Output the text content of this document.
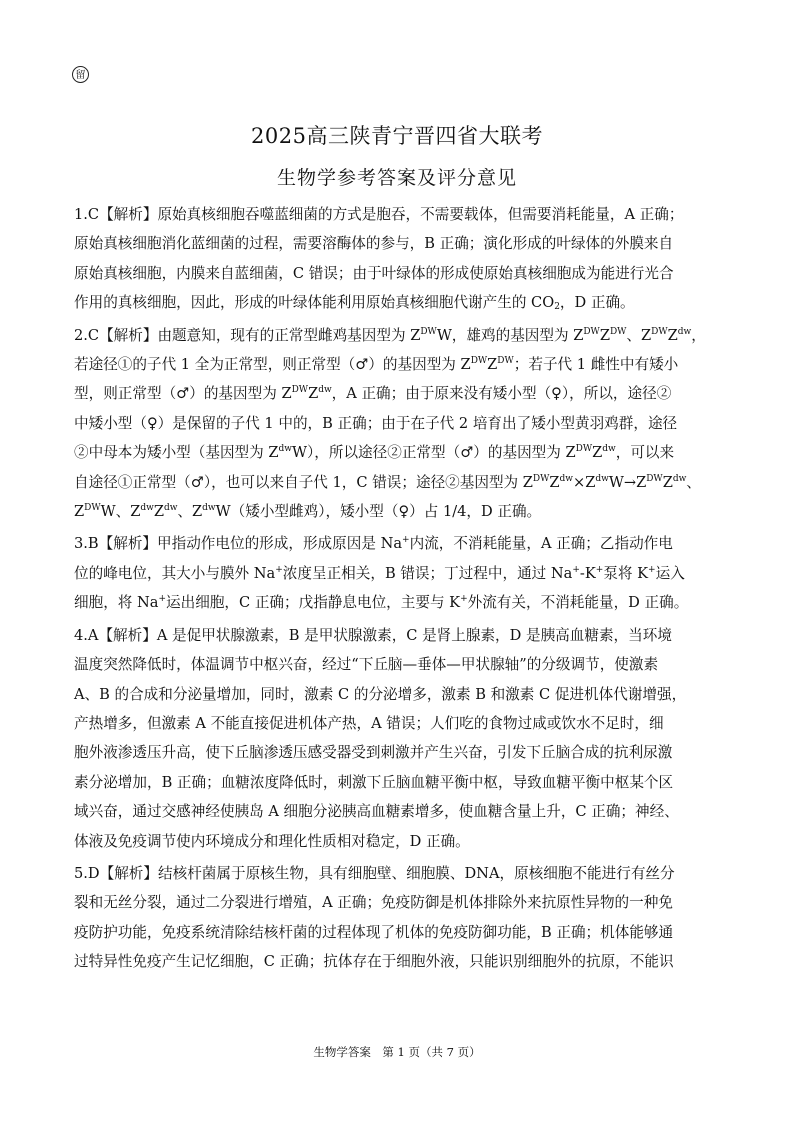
留
2025高三陕青宁晋四省大联考
生物学参考答案及评分意见
1.C【解析】原始真核细胞吞噬蓝细菌的方式是胞吞，不需要载体，但需要消耗能量，A 正确；
原始真核细胞消化蓝细菌的过程，需要溶酶体的参与，B 正确；演化形成的叶绿体的外膜来自
原始真核细胞，内膜来自蓝细菌，C 错误；由于叶绿体的形成使原始真核细胞成为能进行光合
作用的真核细胞，因此，形成的叶绿体能利用原始真核细胞代谢产生的 $CO_2$，D 正确。
2.C【解析】由题意知，现有的正常型雌鸡基因型为 $Z^{DW}W$，雄鸡的基因型为 $Z^{DW}Z^{DW}$、$Z^{DW}Z^{dw}$，
若途径①的子代 1 全为正常型，则正常型（♂）的基因型为 $Z^{DW}Z^{DW}$；若子代 1 雌性中有矮小
型，则正常型（♂）的基因型为 $Z^{DW}Z^{dw}$，A 正确；由于原来没有矮小型（♀），所以，途径②
中矮小型（♀）是保留的子代 1 中的，B 正确；由于在子代 2 培育出了矮小型黄羽鸡群，途径
②中母本为矮小型（基因型为 $Z^{dw}W$），所以途径②正常型（♂）的基因型为 $Z^{DW}Z^{dw}$，可以来
自途径①正常型（♂），也可以来自子代 1，C 错误；途径②基因型为 $Z^{DW}Z^{dw}\times Z^{dw}W\to Z^{DW}Z^{dw}$、
$Z^{DW}W$、$Z^{dw}Z^{dw}$、$Z^{dw}W$（矮小型雌鸡），矮小型（♀）占 1/4，D 正确。
3.B【解析】甲指动作电位的形成，形成原因是 Na+内流，不消耗能量，A 正确；乙指动作电
位的峰电位，其大小与膜外 Na+浓度呈正相关，B 错误；丁过程中，通过 Na+-K+泵将 K+运入
细胞，将 Na+运出细胞，C 正确；戊指静息电位，主要与 K+外流有关，不消耗能量，D 正确。
4.A【解析】A 是促甲状腺激素，B 是甲状腺激素，C 是肾上腺素，D 是胰高血糖素，当环境
温度突然降低时，体温调节中枢兴奋，经过“下丘脑—垂体—甲状腺轴”的分级调节，使激素
A、B 的合成和分泌量增加，同时，激素 C 的分泌增多，激素 B 和激素 C 促进机体代谢增强，
产热增多，但激素 A 不能直接促进机体产热，A 错误；人们吃的食物过咸或饮水不足时，细
胞外液渗透压升高，使下丘脑渗透压感受器受到刺激并产生兴奋，引发下丘脑合成的抗利尿激
素分泌增加，B 正确；血糖浓度降低时，刺激下丘脑血糖平衡中枢，导致血糖平衡中枢某个区
域兴奋，通过交感神经使胰岛 A 细胞分泌胰高血糖素增多，使血糖含量上升，C 正确；神经、
体液及免疫调节使内环境成分和理化性质相对稳定，D 正确。
5.D【解析】结核杆菌属于原核生物，具有细胞壁、细胞膜、DNA，原核细胞不能进行有丝分
裂和无丝分裂，通过二分裂进行增殖，A 正确；免疫防御是机体排除外来抗原性异物的一种免
疫防护功能，免疫系统清除结核杆菌的过程体现了机体的免疫防御功能，B 正确；机体能够通
过特异性免疫产生记忆细胞，C 正确；抗体存在于细胞外液，只能识别细胞外的抗原，不能识
生物学答案　第 1 页（共 7 页）
